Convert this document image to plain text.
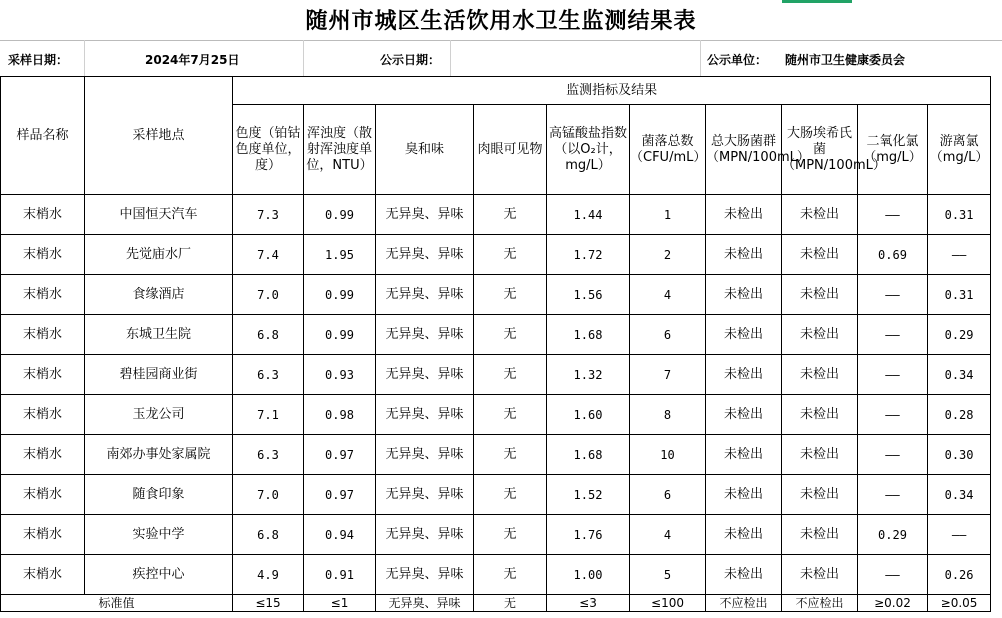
随州市城区生活饮用水卫生监测结果表
采样日期：	2024年7月25日	公示日期：	公示单位： 随州市卫生健康委员会
样品名称	采样地点	监测指标及结果									
		色度（铂钴色度单位，度）	浑浊度（散射浑浊度单位，NTU）	臭和味	肉眼可见物	高锰酸盐指数（以O₂计，mg/L）	菌落总数（CFU/mL）	总大肠菌群（MPN/100mL）	大肠埃希氏菌（MPN/100mL）	二氧化氯（mg/L）	游离氯（mg/L）
末梢水	中国恒天汽车	7.3	0.99	无异臭、异味	无	1.44	1	未检出	未检出	——	0.31
末梢水	先觉庙水厂	7.4	1.95	无异臭、异味	无	1.72	2	未检出	未检出	0.69	——
末梢水	食缘酒店	7.0	0.99	无异臭、异味	无	1.56	4	未检出	未检出	——	0.31
末梢水	东城卫生院	6.8	0.99	无异臭、异味	无	1.68	6	未检出	未检出	——	0.29
末梢水	碧桂园商业街	6.3	0.93	无异臭、异味	无	1.32	7	未检出	未检出	——	0.34
末梢水	玉龙公司	7.1	0.98	无异臭、异味	无	1.60	8	未检出	未检出	——	0.28
末梢水	南郊办事处家属院	6.3	0.97	无异臭、异味	无	1.68	10	未检出	未检出	——	0.30
末梢水	随食印象	7.0	0.97	无异臭、异味	无	1.52	6	未检出	未检出	——	0.34
末梢水	实验中学	6.8	0.94	无异臭、异味	无	1.76	4	未检出	未检出	0.29	——
末梢水	疾控中心	4.9	0.91	无异臭、异味	无	1.00	5	未检出	未检出	——	0.26
标准值		≤15	≤1	无异臭、异味	无	≤3	≤100	不应检出	不应检出	≥0.02	≥0.05
